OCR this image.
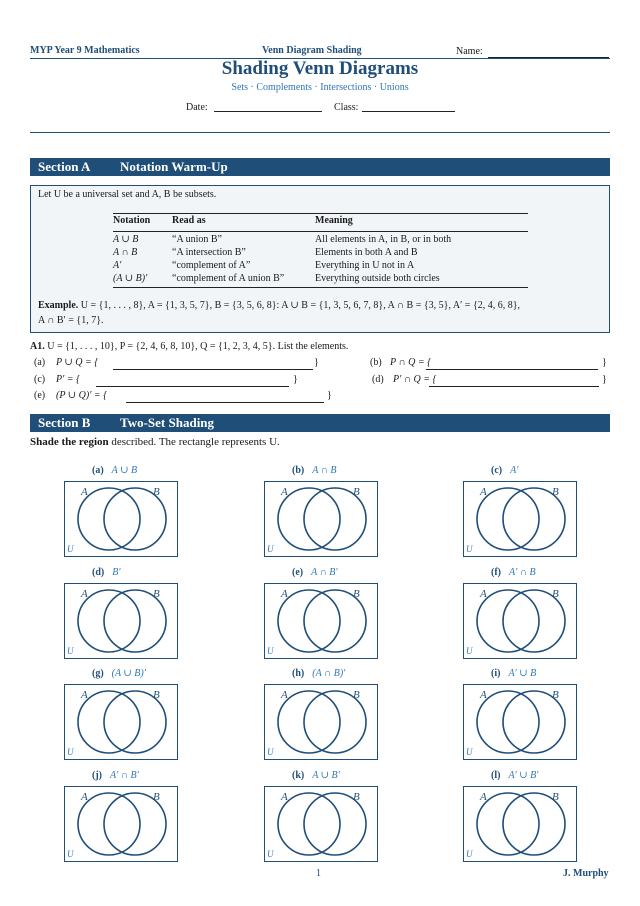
MYP Year 9 Mathematics	Venn Diagram Shading	Name:
Shading Venn Diagrams
Sets · Complements · Intersections · Unions
Date:	Class:
Section A Notation Warm-Up
Let U be a universal set and A, B be subsets.
Notation Read as	Meaning
A ∪ B	“A union B”	All elements in A, in B, or in both
A ∩ B	“A intersection B”	Elements in both A and B
A′	“complement of A”	Everything in U not in A
(A ∪ B)′ “complement of A union B”	Everything outside both circles
Example. U = {1, . . . , 8}, A = {1, 3, 5, 7}, B = {3, 5, 6, 8}: A ∪ B = {1, 3, 5, 6, 7, 8}, A ∩ B = {3, 5}, A′ = {2, 4, 6, 8},
A ∩ B′ = {1, 7}.
A1. U = {1, . . . , 10}, P = {2, 4, 6, 8, 10}, Q = {1, 2, 3, 4, 5}. List the elements.
(a) P ∪ Q = {	}	(b) P ∩ Q = {	}
(c) P′ = {	}	(d) P′ ∩ Q = {	}
(e) (P ∪ Q)′ = {	}
Section B Two-Set Shading
Shade the region described. The rectangle represents U.
(a) A ∪ B
A	B
U
(b) A ∩ B
A	B
U
(c) A′
A	B
U
(d) B′
A	B
U
(e) A ∩ B′
A	B
U
(f) A′ ∩ B
A	B
U
(g) (A ∪ B)′
A	B
U
(h) (A ∩ B)′
A	B
U
(i) A′ ∪ B
A	B
U
(j) A′ ∩ B′
A	B
U
(k) A ∪ B′
A	B
U
(l) A′ ∪ B′
A	B
U
1	J. Murphy
